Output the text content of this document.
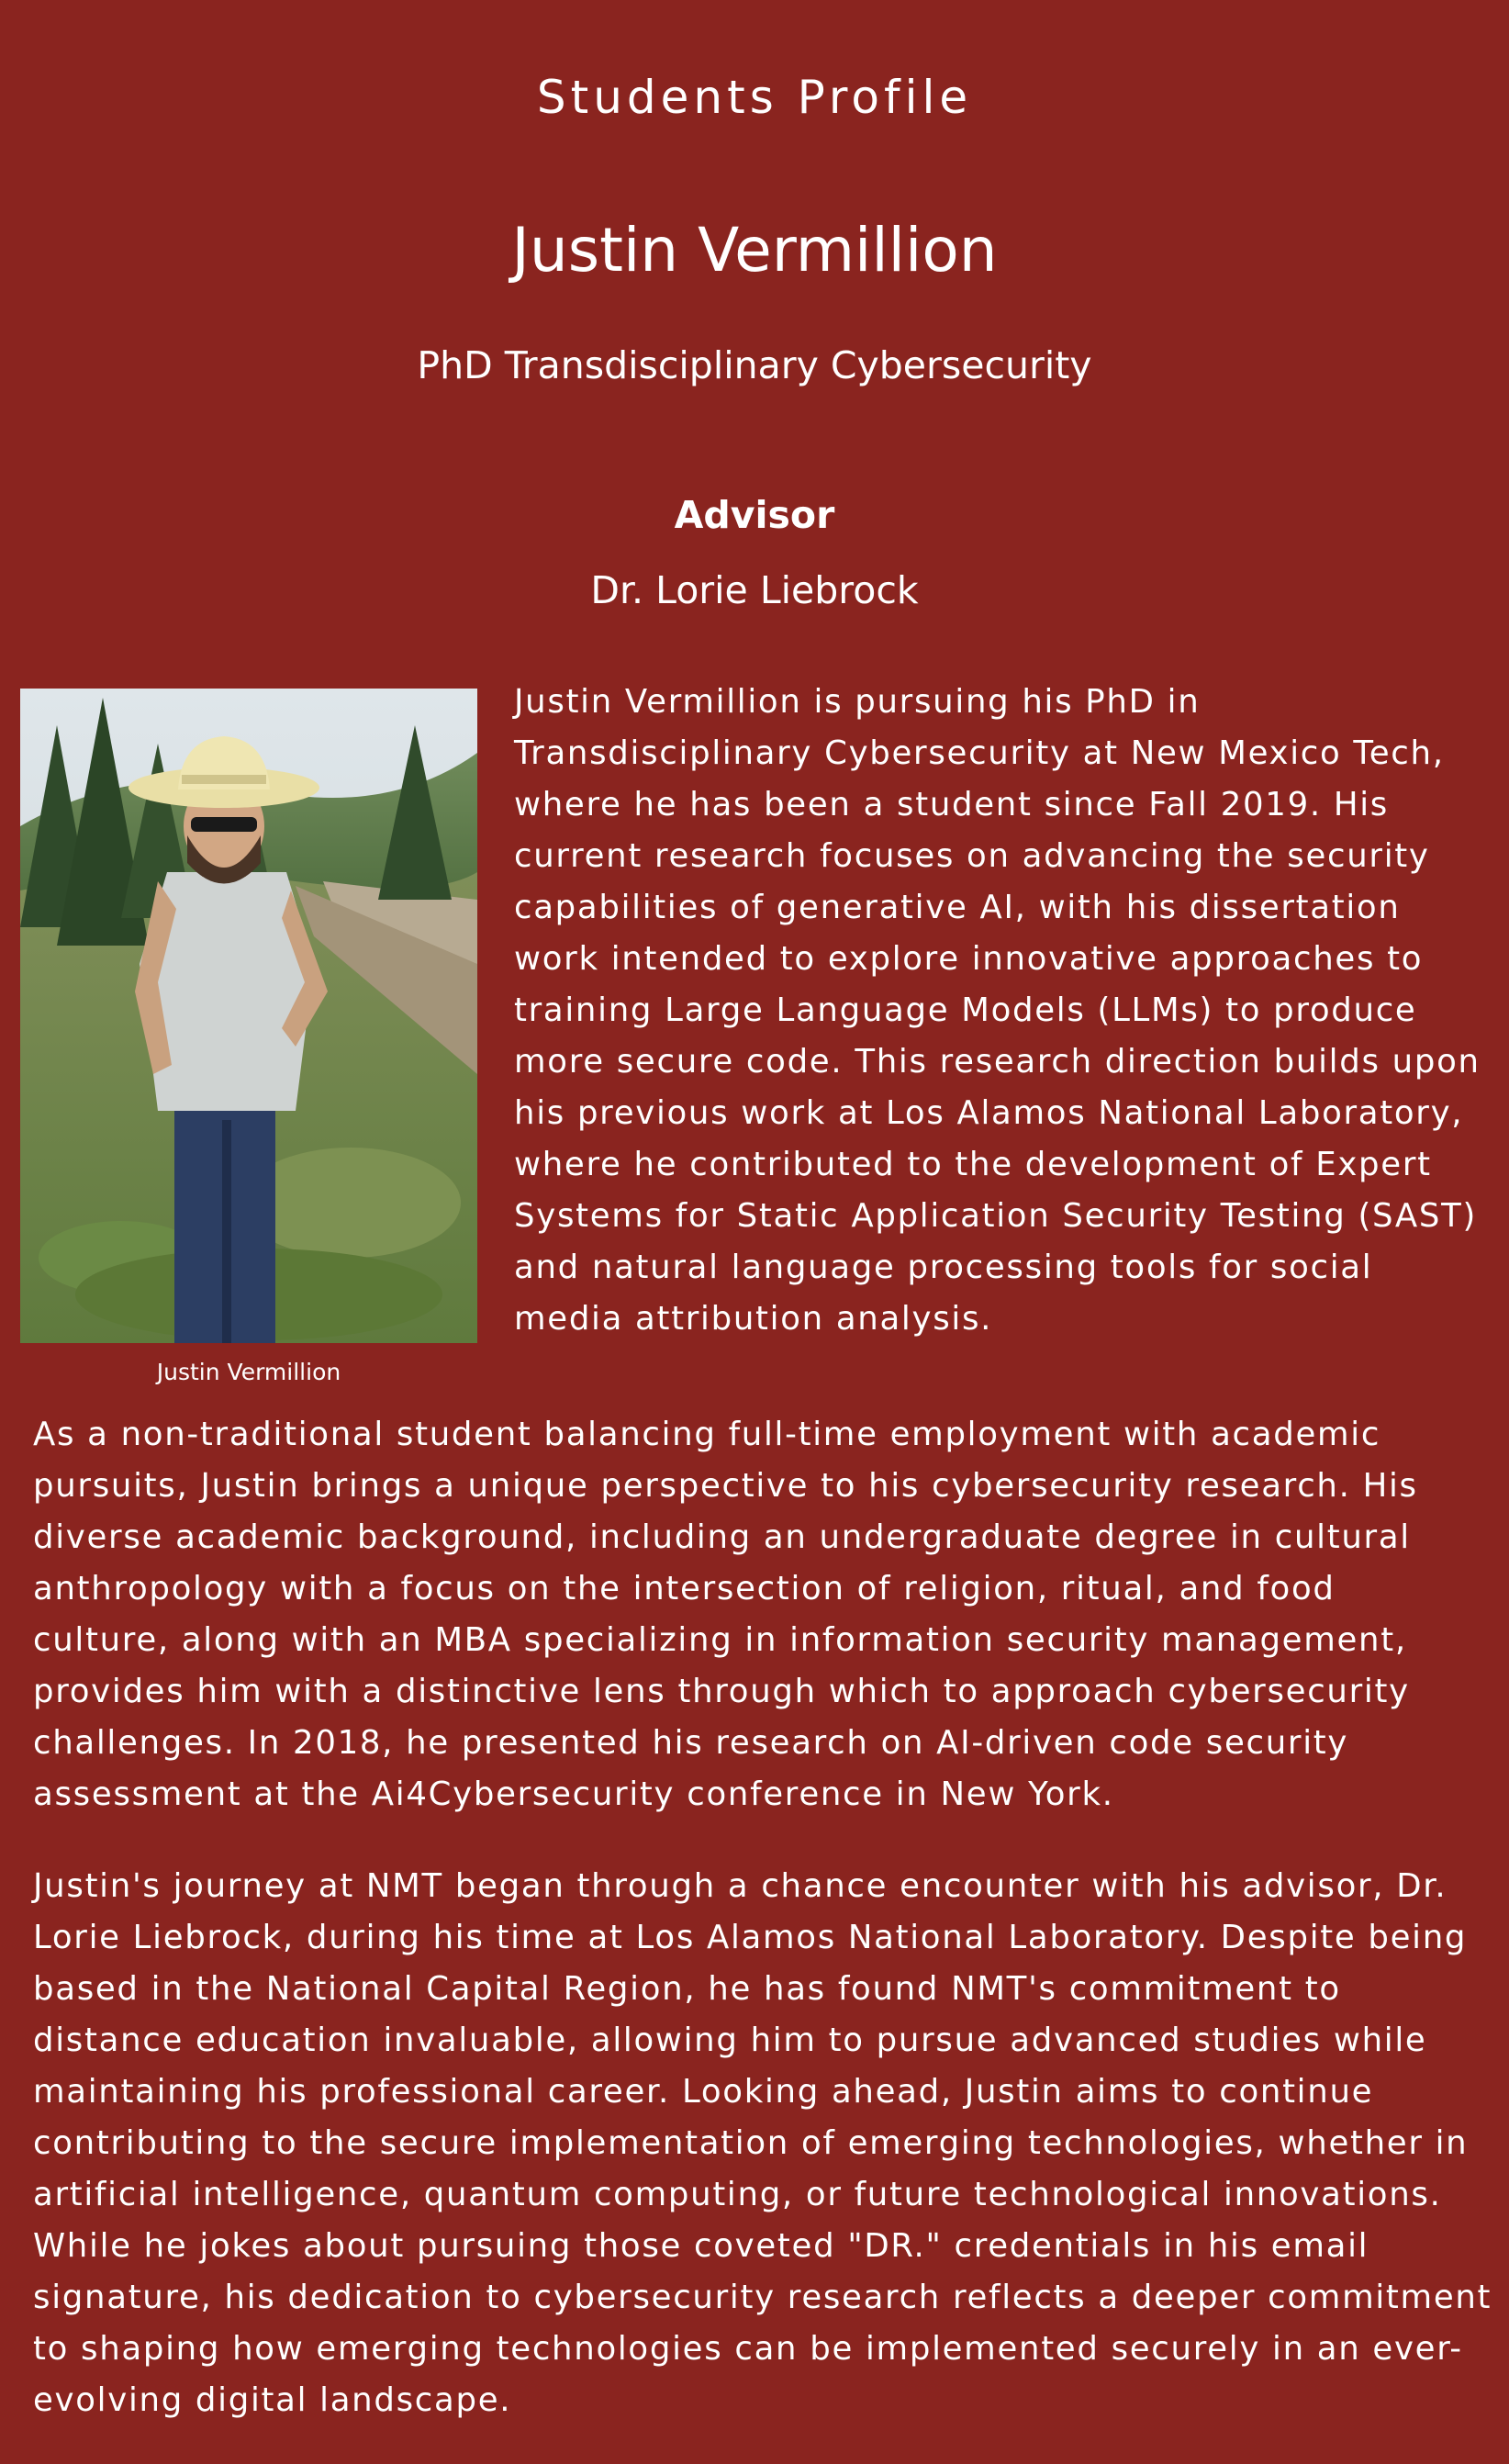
Students Profile
Justin Vermillion

PhD Transdisciplinary Cybersecurity

Advisor

Dr. Lorie Liebrock

Justin Vermillion

Justin Vermillion is pursuing his PhD in Transdisciplinary Cybersecurity at New Mexico Tech, where he has been a student since Fall 2019. His current research focuses on advancing the security capabilities of generative AI, with his dissertation work intended to explore innovative approaches to training Large Language Models (LLMs) to produce more secure code. This research direction builds upon his previous work at Los Alamos National Laboratory, where he contributed to the development of Expert Systems for Static Application Security Testing (SAST) and natural language processing tools for social media attribution analysis.

As a non-traditional student balancing full-time employment with academic pursuits, Justin brings a unique perspective to his cybersecurity research. His diverse academic background, including an undergraduate degree in cultural anthropology with a focus on the intersection of religion, ritual, and food culture, along with an MBA specializing in information security management, provides him with a distinctive lens through which to approach cybersecurity challenges. In 2018, he presented his research on AI-driven code security assessment at the Ai4Cybersecurity conference in New York.

Justin's journey at NMT began through a chance encounter with his advisor, Dr. Lorie Liebrock, during his time at Los Alamos National Laboratory. Despite being based in the National Capital Region, he has found NMT's commitment to distance education invaluable, allowing him to pursue advanced studies while maintaining his professional career. Looking ahead, Justin aims to continue contributing to the secure implementation of emerging technologies, whether in artificial intelligence, quantum computing, or future technological innovations. While he jokes about pursuing those coveted "DR." credentials in his email signature, his dedication to cybersecurity research reflects a deeper commitment to shaping how emerging technologies can be implemented securely in an ever-evolving digital landscape.
